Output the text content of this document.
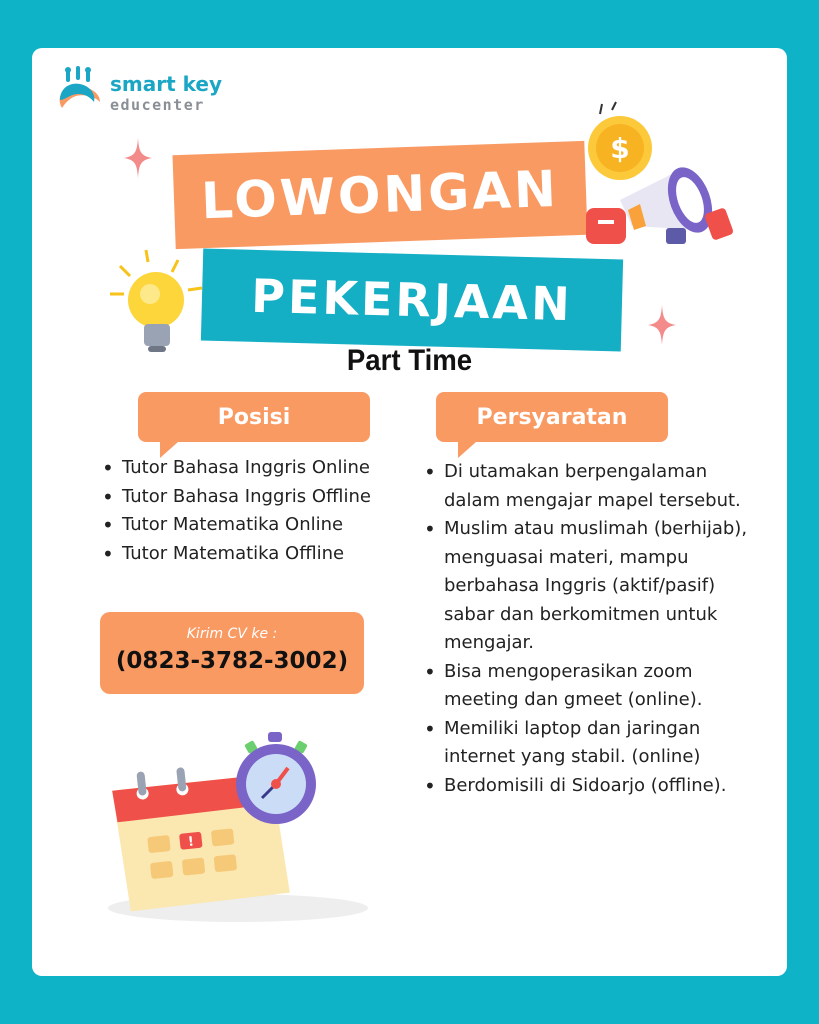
smart key
educenter
LOWONGAN
PEKERJAAN
$
Part Time
Posisi	Persyaratan
• Tutor Bahasa Inggris Online
• Tutor Bahasa Inggris Offline
• Tutor Matematika Online
• Tutor Matematika Offline
• Di utamakan berpengalaman dalam mengajar mapel tersebut.
• Muslim atau muslimah (berhijab), menguasai materi, mampu berbahasa Inggris (aktif/pasif) sabar dan berkomitmen untuk mengajar.
• Bisa mengoperasikan zoom meeting dan gmeet (online).
• Memiliki laptop dan jaringan internet yang stabil. (online)
• Berdomisili di Sidoarjo (offline).
Kirim CV ke :
(0823-3782-3002)
!
